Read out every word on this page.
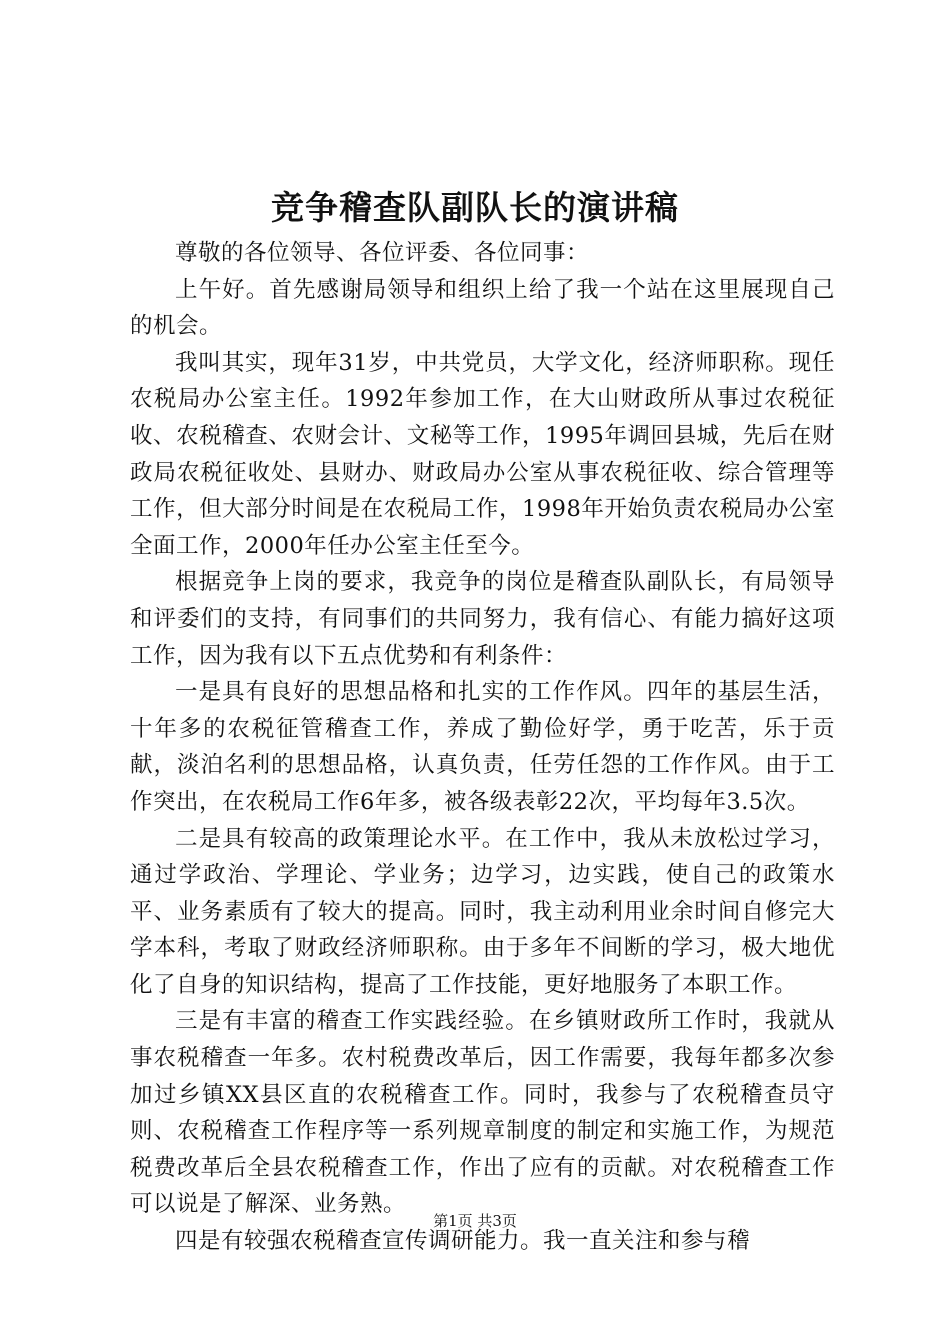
竞争稽查队副队长的演讲稿

尊敬的各位领导、各位评委、各位同事：

上午好。首先感谢局领导和组织上给了我一个站在这里展现自己的机会。

我叫其实，现年31岁，中共党员，大学文化，经济师职称。现任农税局办公室主任。1992年参加工作，在大山财政所从事过农税征收、农税稽查、农财会计、文秘等工作，1995年调回县城，先后在财政局农税征收处、县财办、财政局办公室从事农税征收、综合管理等工作，但大部分时间是在农税局工作，1998年开始负责农税局办公室全面工作，2000年任办公室主任至今。

根据竞争上岗的要求，我竞争的岗位是稽查队副队长，有局领导和评委们的支持，有同事们的共同努力，我有信心、有能力搞好这项工作，因为我有以下五点优势和有利条件：

一是具有良好的思想品格和扎实的工作作风。四年的基层生活，十年多的农税征管稽查工作，养成了勤俭好学，勇于吃苦，乐于贡献，淡泊名利的思想品格，认真负责，任劳任怨的工作作风。由于工作突出，在农税局工作6年多，被各级表彰22次，平均每年3.5次。

二是具有较高的政策理论水平。在工作中，我从未放松过学习，通过学政治、学理论、学业务；边学习，边实践，使自己的政策水平、业务素质有了较大的提高。同时，我主动利用业余时间自修完大学本科，考取了财政经济师职称。由于多年不间断的学习，极大地优化了自身的知识结构，提高了工作技能，更好地服务了本职工作。

三是有丰富的稽查工作实践经验。在乡镇财政所工作时，我就从事农税稽查一年多。农村税费改革后，因工作需要，我每年都多次参加过乡镇XX县区直的农税稽查工作。同时，我参与了农税稽查员守则、农税稽查工作程序等一系列规章制度的制定和实施工作，为规范税费改革后全县农税稽查工作，作出了应有的贡献。对农税稽查工作可以说是了解深、业务熟。

四是有较强农税稽查宣传调研能力。我一直关注和参与稽

第1页 共3页
